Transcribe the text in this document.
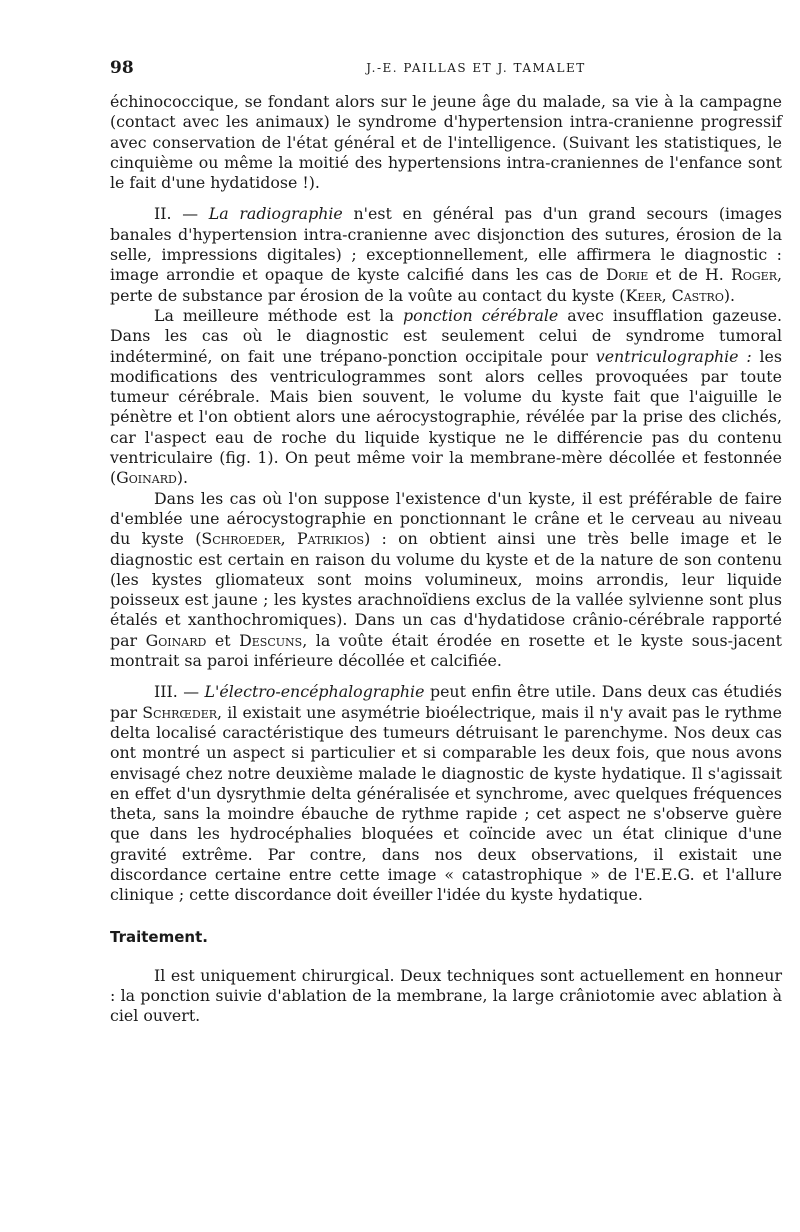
98	J.-E. PAILLAS ET J. TAMALET

échinococcique, se fondant alors sur le jeune âge du malade, sa vie à la campagne (contact avec les animaux) le syndrome d'hypertension intra-cranienne progressif avec conservation de l'état général et de l'intelligence. (Suivant les statistiques, le cinquième ou même la moitié des hypertensions intra-craniennes de l'enfance sont le fait d'une hydatidose !).

II. — La radiographie n'est en général pas d'un grand secours (images banales d'hypertension intra-cranienne avec disjonction des sutures, érosion de la selle, impressions digitales) ; exceptionnellement, elle affirmera le diagnostic : image arrondie et opaque de kyste calcifié dans les cas de Dorie et de H. Roger, perte de substance par érosion de la voûte au contact du kyste (Keer, Castro).

La meilleure méthode est la ponction cérébrale avec insufflation gazeuse. Dans les cas où le diagnostic est seulement celui de syndrome tumoral indéterminé, on fait une trépano-ponction occipitale pour ventriculographie : les modifications des ventriculogrammes sont alors celles provoquées par toute tumeur cérébrale. Mais bien souvent, le volume du kyste fait que l'aiguille le pénètre et l'on obtient alors une aérocystographie, révélée par la prise des clichés, car l'aspect eau de roche du liquide kystique ne le différencie pas du contenu ventriculaire (fig. 1). On peut même voir la membrane-mère décollée et festonnée (Goinard).

Dans les cas où l'on suppose l'existence d'un kyste, il est préférable de faire d'emblée une aérocystographie en ponctionnant le crâne et le cerveau au niveau du kyste (Schroeder, Patrikios) : on obtient ainsi une très belle image et le diagnostic est certain en raison du volume du kyste et de la nature de son contenu (les kystes gliomateux sont moins volumineux, moins arrondis, leur liquide poisseux est jaune ; les kystes arachnoïdiens exclus de la vallée sylvienne sont plus étalés et xanthochromiques). Dans un cas d'hydatidose crânio-cérébrale rapporté par Goinard et Descuns, la voûte était érodée en rosette et le kyste sous-jacent montrait sa paroi inférieure décollée et calcifiée.

III. — L'électro-encéphalographie peut enfin être utile. Dans deux cas étudiés par Schrœder, il existait une asymétrie bioélectrique, mais il n'y avait pas le rythme delta localisé caractéristique des tumeurs détruisant le parenchyme. Nos deux cas ont montré un aspect si particulier et si comparable les deux fois, que nous avons envisagé chez notre deuxième malade le diagnostic de kyste hydatique. Il s'agissait en effet d'un dysrythmie delta généralisée et synchrome, avec quelques fréquences theta, sans la moindre ébauche de rythme rapide ; cet aspect ne s'observe guère que dans les hydrocéphalies bloquées et coïncide avec un état clinique d'une gravité extrême. Par contre, dans nos deux observations, il existait une discordance certaine entre cette image « catastrophique » de l'E.E.G. et l'allure clinique ; cette discordance doit éveiller l'idée du kyste hydatique.

Traitement.

Il est uniquement chirurgical. Deux techniques sont actuellement en honneur : la ponction suivie d'ablation de la membrane, la large crâniotomie avec ablation à ciel ouvert.
